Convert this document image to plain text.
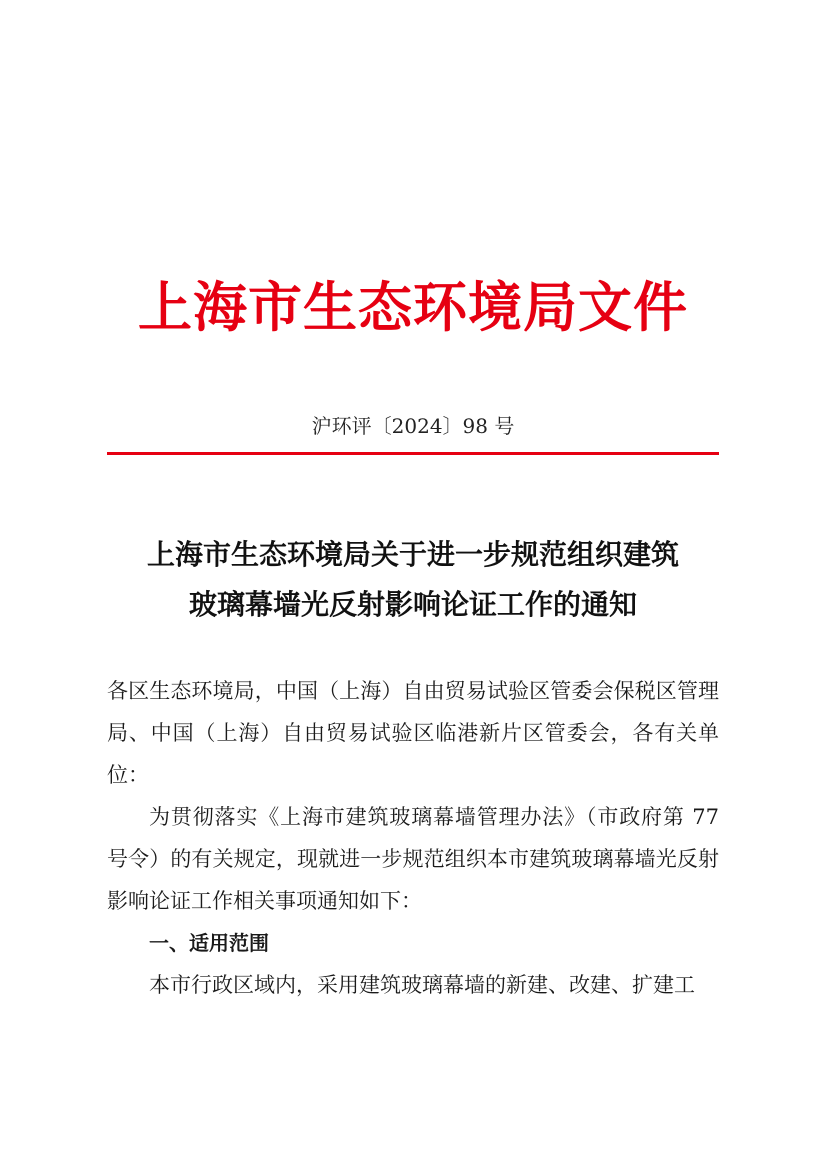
上海市生态环境局文件
沪环评〔2024〕98 号
上海市生态环境局关于进一步规范组织建筑
玻璃幕墙光反射影响论证工作的通知

各区生态环境局，中国（上海）自由贸易试验区管委会保税区管理局、中国（上海）自由贸易试验区临港新片区管委会，各有关单位：

为贯彻落实《上海市建筑玻璃幕墙管理办法》（市政府第 77 号令）的有关规定，现就进一步规范组织本市建筑玻璃幕墙光反射影响论证工作相关事项通知如下：

一、适用范围

本市行政区域内，采用建筑玻璃幕墙的新建、改建、扩建工
